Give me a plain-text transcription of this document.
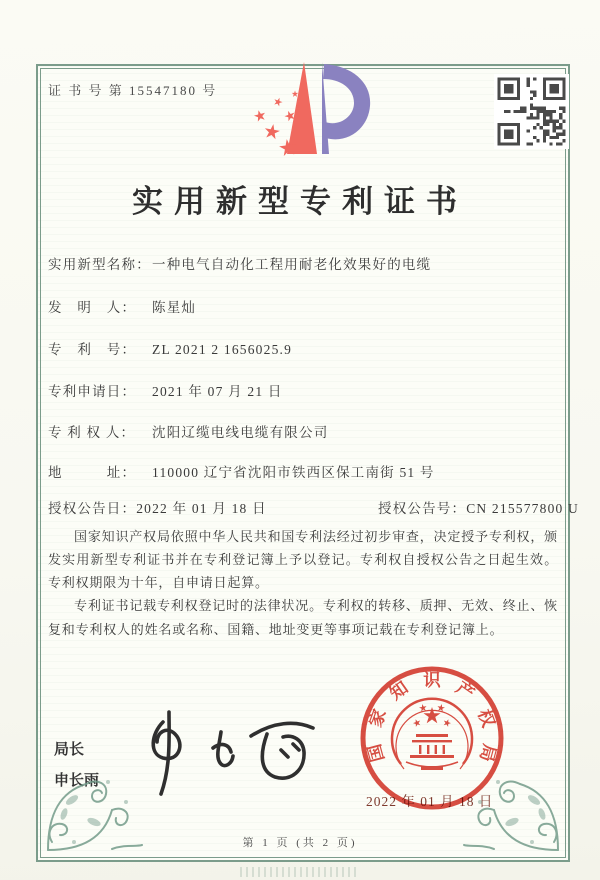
证 书 号 第 15547180 号
实用新型专利证书
实用新型名称：一种电气自动化工程用耐老化效果好的电缆
发　明　人： 陈星灿
专　利　号： ZL 2021 2 1656025.9
专利申请日： 2021 年 07 月 21 日
专 利 权 人： 沈阳辽缆电线电缆有限公司
地　　　址： 110000 辽宁省沈阳市铁西区保工南街 51 号
授权公告日：2022 年 01 月 18 日	授权公告号：CN 215577800 U

国家知识产权局依照中华人民共和国专利法经过初步审查，决定授予专利权，颁发实用新型专利证书并在专利登记簿上予以登记。专利权自授权公告之日起生效。专利权期限为十年，自申请日起算。

专利证书记载专利权登记时的法律状况。专利权的转移、质押、无效、终止、恢复和专利权人的姓名或名称、国籍、地址变更等事项记载在专利登记簿上。

局长
申长雨
2022 年 01 月 18 日
国
家
知 识 产
权
局
第 1 页 (共 2 页)
